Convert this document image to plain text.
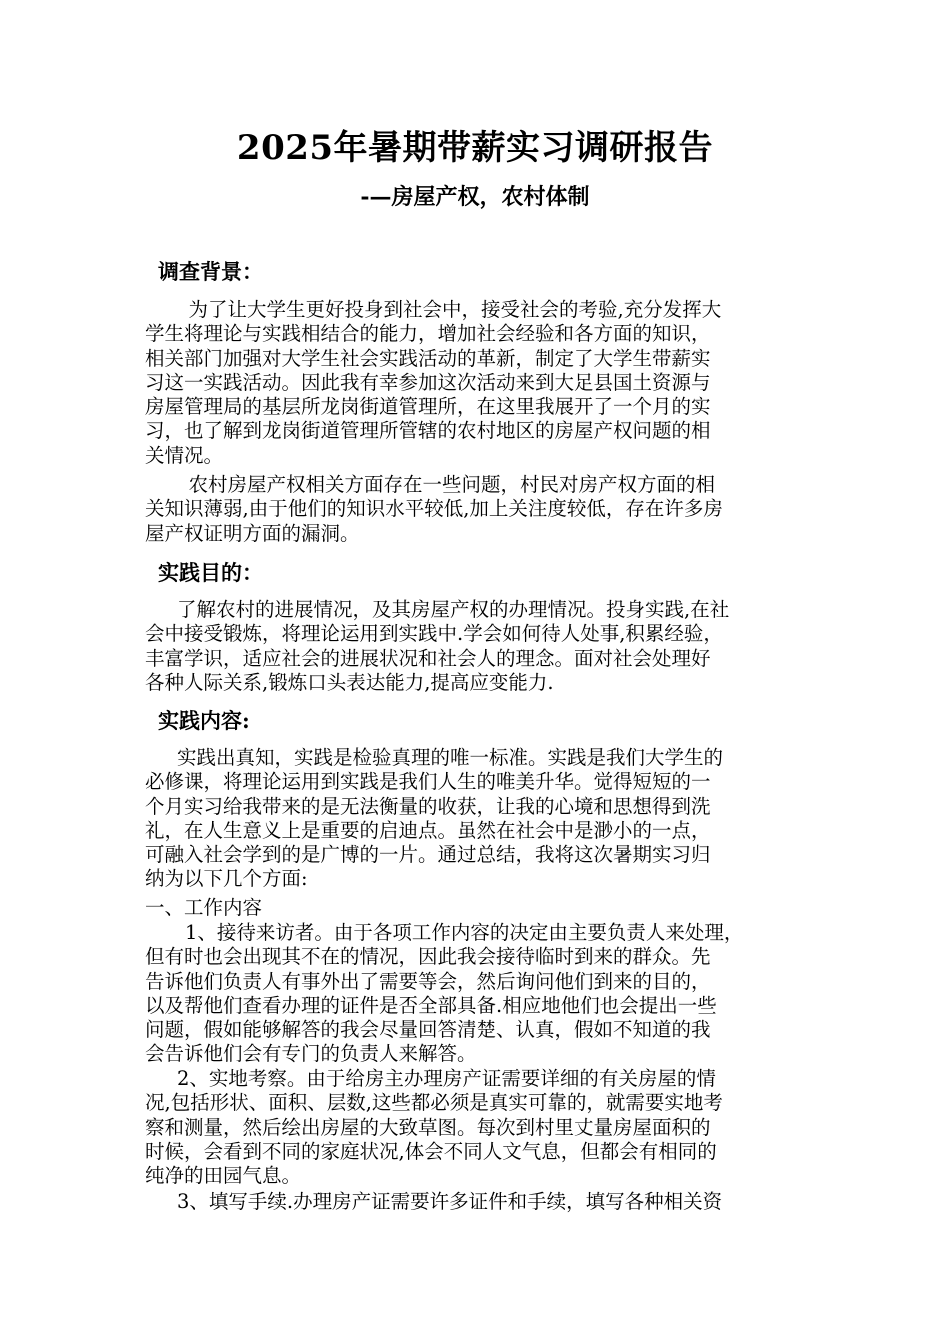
2025年暑期带薪实习调研报告
-—房屋产权，农村体制
调查背景：
　为了让大学生更好投身到社会中，接受社会的考验,充分发挥大
学生将理论与实践相结合的能力，增加社会经验和各方面的知识，
相关部门加强对大学生社会实践活动的革新，制定了大学生带薪实
习这一实践活动。因此我有幸参加这次活动来到大足县国土资源与
房屋管理局的基层所龙岗街道管理所，在这里我展开了一个月的实
习，也了解到龙岗街道管理所管辖的农村地区的房屋产权问题的相
关情况。
　农村房屋产权相关方面存在一些问题，村民对房产权方面的相
关知识薄弱,由于他们的知识水平较低,加上关注度较低，存在许多房
屋产权证明方面的漏洞。
实践目的：
了解农村的进展情况，及其房屋产权的办理情况。投身实践,在社
会中接受锻炼，将理论运用到实践中.学会如何待人处事,积累经验，
丰富学识，适应社会的进展状况和社会人的理念。面对社会处理好
各种人际关系,锻炼口头表达能力,提高应变能力.
实践内容:
实践出真知，实践是检验真理的唯一标准。实践是我们大学生的
必修课，将理论运用到实践是我们人生的唯美升华。觉得短短的一
个月实习给我带来的是无法衡量的收获，让我的心境和思想得到洗
礼，在人生意义上是重要的启迪点。虽然在社会中是渺小的一点，
可融入社会学到的是广博的一片。通过总结，我将这次暑期实习归
纳为以下几个方面:
一、工作内容
1、接待来访者。由于各项工作内容的决定由主要负责人来处理，
但有时也会出现其不在的情况，因此我会接待临时到来的群众。先
告诉他们负责人有事外出了需要等会，然后询问他们到来的目的，
以及帮他们查看办理的证件是否全部具备.相应地他们也会提出一些
问题，假如能够解答的我会尽量回答清楚、认真，假如不知道的我
会告诉他们会有专门的负责人来解答。
2、实地考察。由于给房主办理房产证需要详细的有关房屋的情
况,包括形状、面积、层数,这些都必须是真实可靠的，就需要实地考
察和测量，然后绘出房屋的大致草图。每次到村里丈量房屋面积的
时候，会看到不同的家庭状况,体会不同人文气息，但都会有相同的
纯净的田园气息。
3、填写手续.办理房产证需要许多证件和手续，填写各种相关资
